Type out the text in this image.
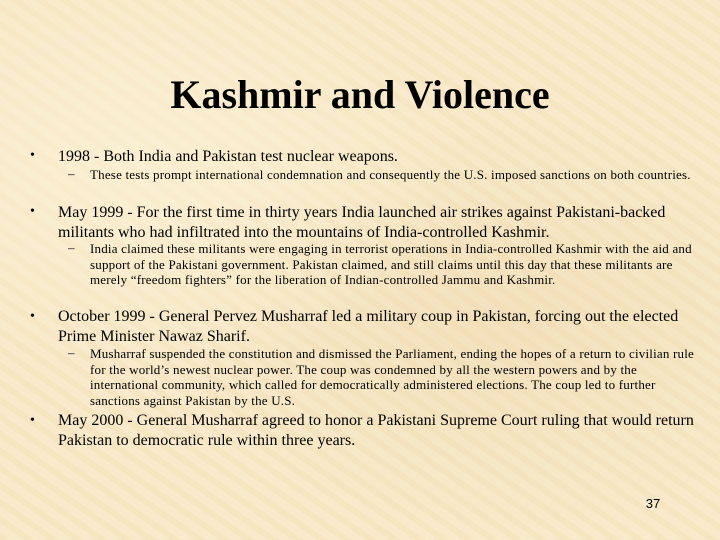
Kashmir and Violence
• 1998 - Both India and Pakistan test nuclear weapons.
– These tests prompt international condemnation and consequently the U.S. imposed sanctions on both countries.
• May 1999 - For the first time in thirty years India launched air strikes against Pakistani-backed militants who had infiltrated into the mountains of India-controlled Kashmir.
– India claimed these militants were engaging in terrorist operations in India-controlled Kashmir with the aid and support of the Pakistani government. Pakistan claimed, and still claims until this day that these militants are merely “freedom fighters” for the liberation of Indian-controlled Jammu and Kashmir.
• October 1999 - General Pervez Musharraf led a military coup in Pakistan, forcing out the elected Prime Minister Nawaz Sharif.
– Musharraf suspended the constitution and dismissed the Parliament, ending the hopes of a return to civilian rule for the world’s newest nuclear power. The coup was condemned by all the western powers and by the international community, which called for democratically administered elections. The coup led to further sanctions against Pakistan by the U.S.
• May 2000 - General Musharraf agreed to honor a Pakistani Supreme Court ruling that would return Pakistan to democratic rule within three years.
37
